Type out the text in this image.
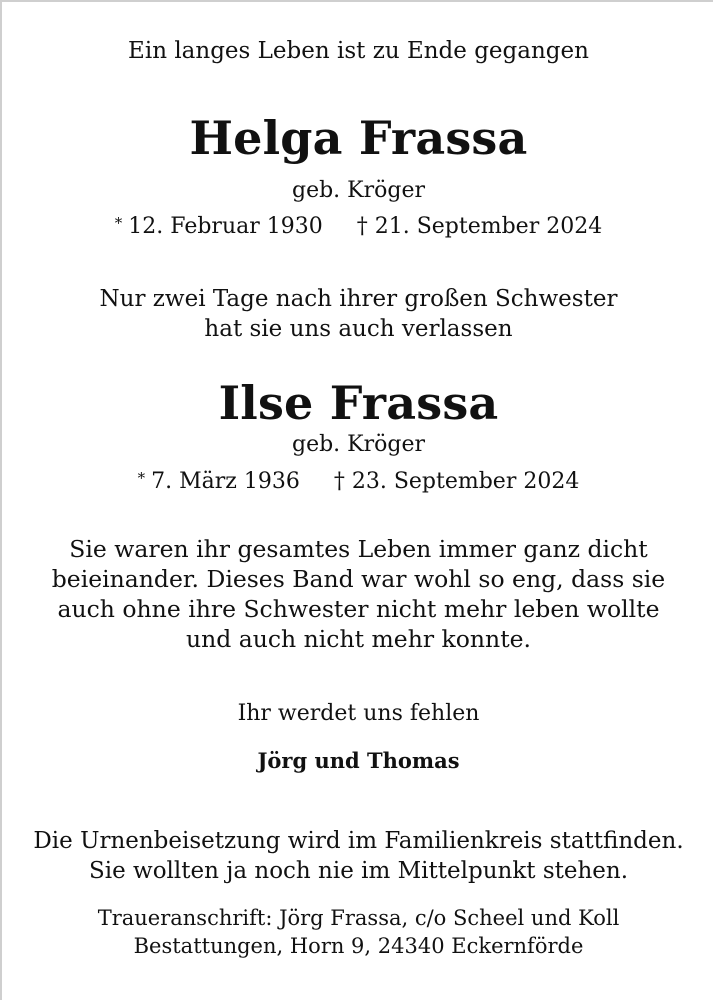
Ein langes Leben ist zu Ende gegangen
Helga Frassa
geb. Kröger
* 12. Februar 1930 † 21. September 2024
Nur zwei Tage nach ihrer großen Schwester
hat sie uns auch verlassen
Ilse Frassa
geb. Kröger
* 7. März 1936 † 23. September 2024
Sie waren ihr gesamtes Leben immer ganz dicht
beieinander. Dieses Band war wohl so eng, dass sie
auch ohne ihre Schwester nicht mehr leben wollte
und auch nicht mehr konnte.
Ihr werdet uns fehlen
Jörg und Thomas
Die Urnenbeisetzung wird im Familienkreis stattfinden.
Sie wollten ja noch nie im Mittelpunkt stehen.
Traueranschrift: Jörg Frassa, c/o Scheel und Koll
Bestattungen, Horn 9, 24340 Eckernförde
